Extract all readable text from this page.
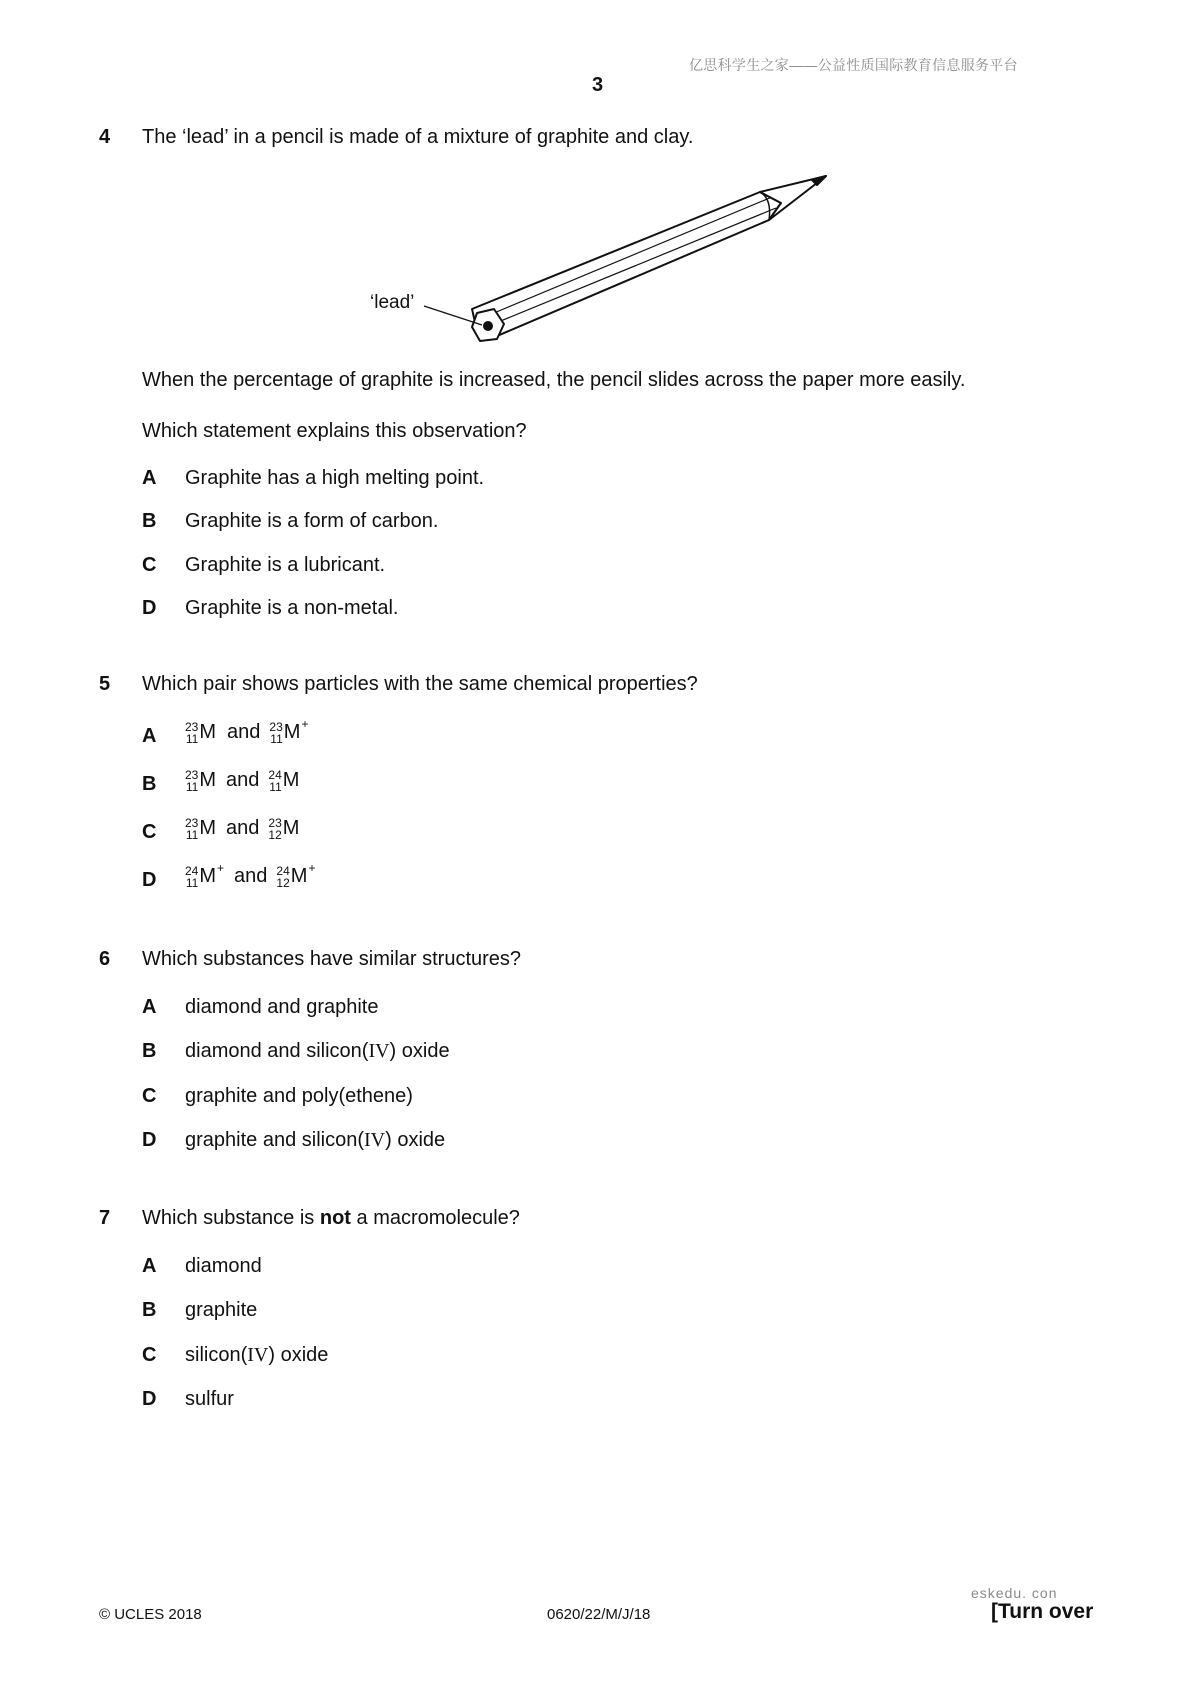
亿思科学生之家——公益性质国际教育信息服务平台
3
4 The ‘lead’ in a pencil is made of a mixture of graphite and clay.
‘lead’
When the percentage of graphite is increased, the pencil slides across the paper more easily.
Which statement explains this observation?
A Graphite has a high melting point.
B Graphite is a form of carbon.
C Graphite is a lubricant.
D Graphite is a non-metal.
5 Which pair shows particles with the same chemical properties?
A 23
11 M and 23
11 M +
B 23
11 M and 24
11 M
C 23
11 M and 23
12 M
D 24
11 M + and 24
12 M +
6 Which substances have similar structures?
A diamond and graphite
B diamond and silicon(IV) oxide
C graphite and poly(ethene)
D graphite and silicon(IV) oxide
7 Which substance is not a macromolecule?
A diamond
B graphite
C silicon(IV) oxide
D sulfur
© UCLES 2018	0620/22/M/J/18
eskedu. con
[Turn over
